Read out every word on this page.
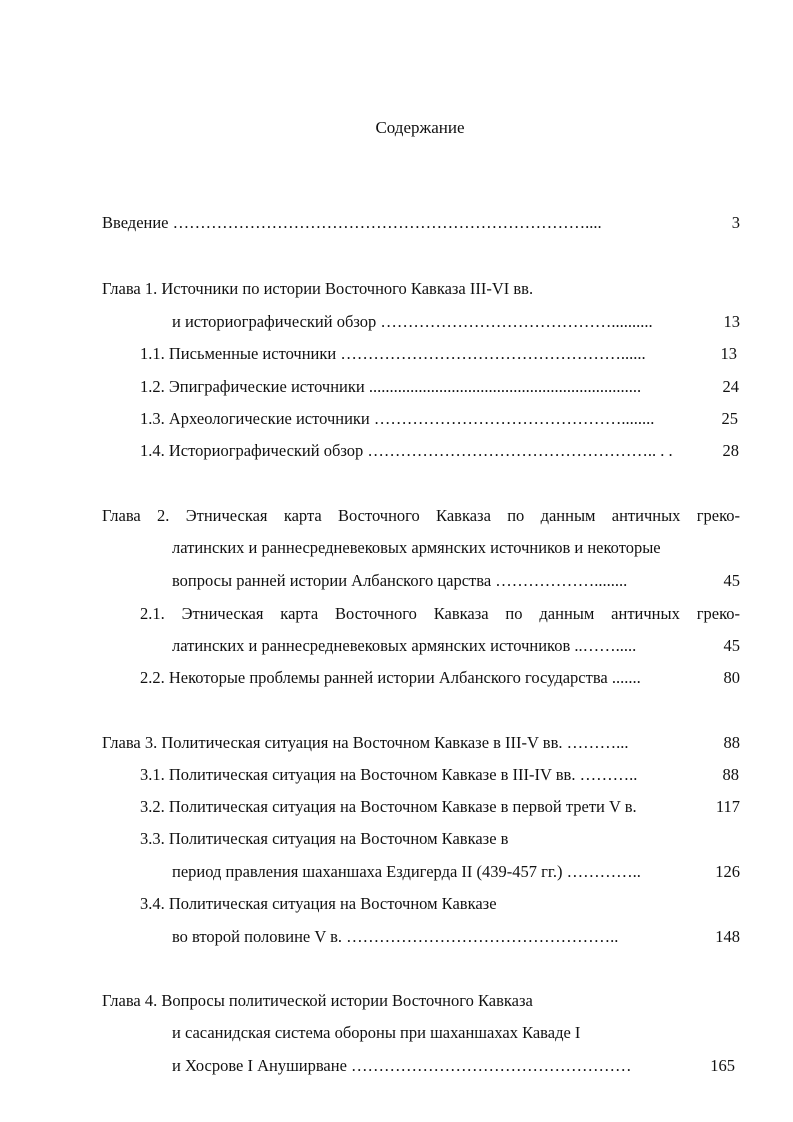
Содержание
Введение …………………………………………………………………....	3
Глава 1. Источники по истории Восточного Кавказа III-VI вв.
и историографический обзор ……………………………………..........	13
1.1. Письменные источники ……………………………………………......	13
1.2. Эпиграфические источники ..................................................................	24
1.3. Археологические источники ………………………………………........	25
1.4. Историографический обзор …………………………………………….. . .	28
Глава 2. Этническая карта Восточного Кавказа по данным античных греко-
латинских и раннесредневековых армянских источников и некоторые
вопросы ранней истории Албанского царства ………………........	45
2.1. Этническая карта Восточного Кавказа по данным античных греко-
латинских и раннесредневековых армянских источников ..…….....	45
2.2. Некоторые проблемы ранней истории Албанского государства .......	80
Глава 3. Политическая ситуация на Восточном Кавказе в III-V вв. ………...	88
3.1. Политическая ситуация на Восточном Кавказе в III-IV вв. ………..	88
3.2. Политическая ситуация на Восточном Кавказе в первой трети V в.	117
3.3. Политическая ситуация на Восточном Кавказе в
период правления шаханшаха Ездигерда II (439-457 гг.) …………..	126
3.4. Политическая ситуация на Восточном Кавказе
во второй половине V в. …………………………………………..	148
Глава 4. Вопросы политической истории Восточного Кавказа
и сасанидская система обороны при шаханшахах Каваде I
и Хосрове I Ануширване ……………………………………………	165
